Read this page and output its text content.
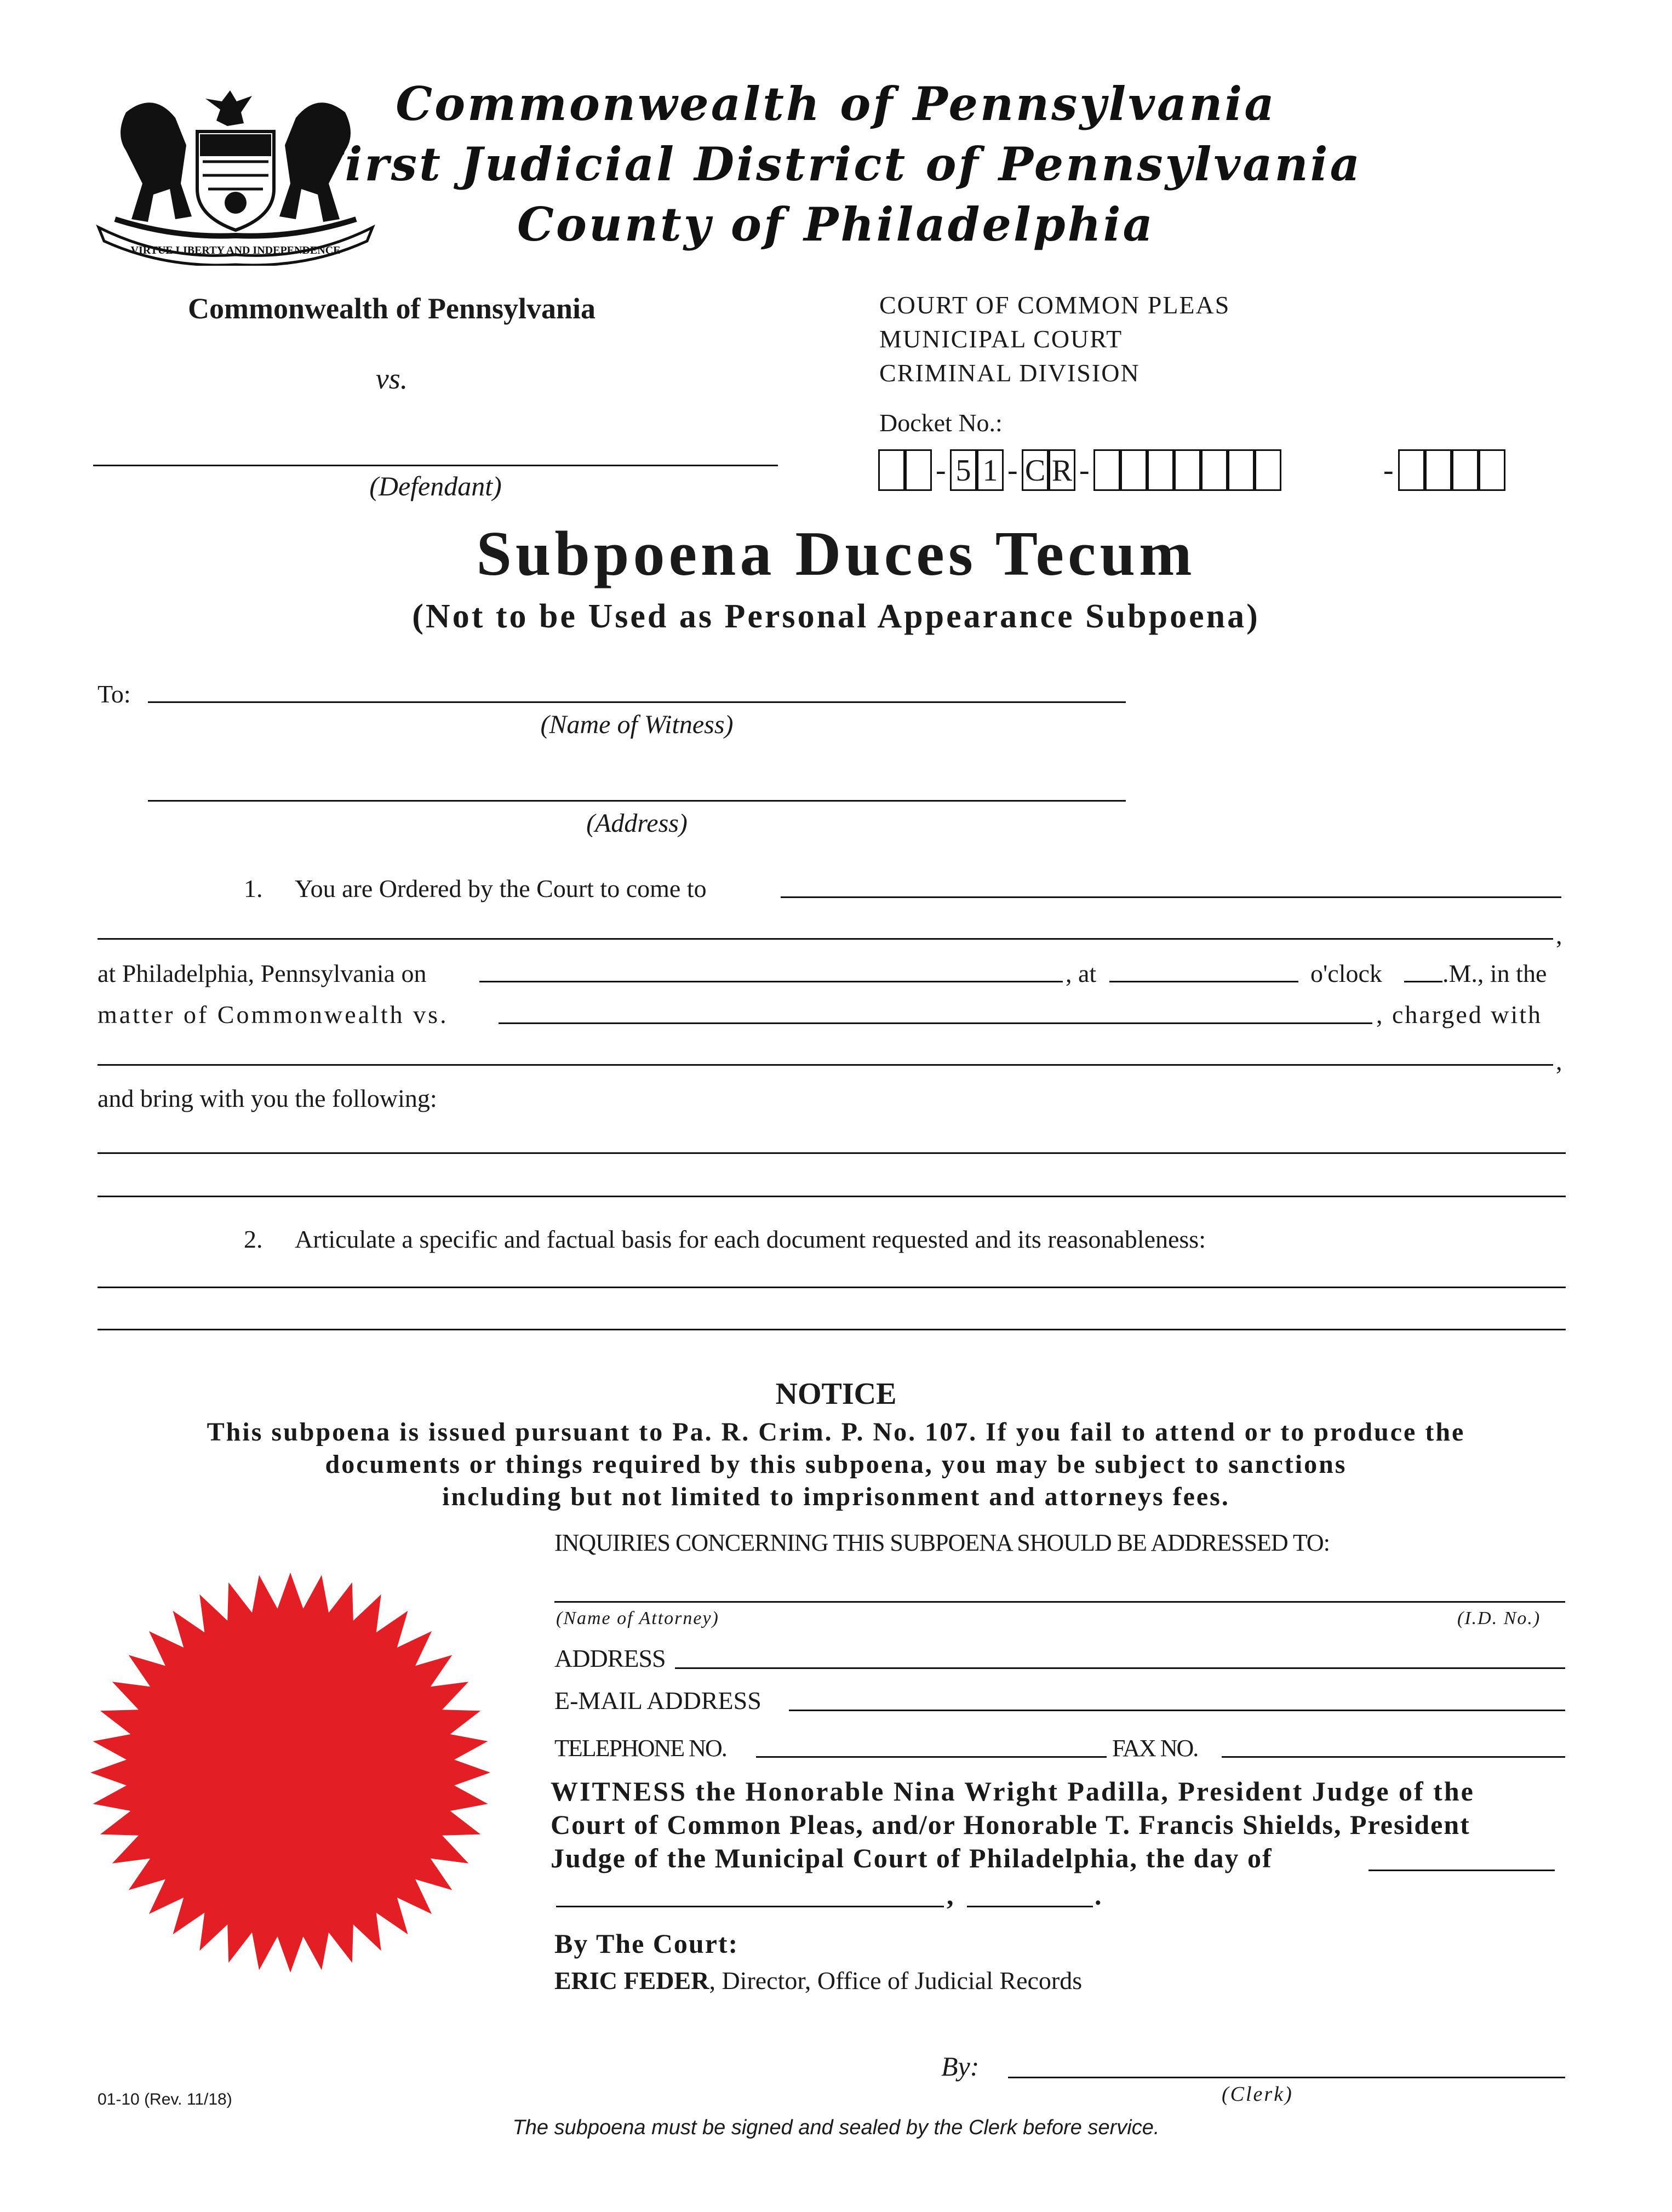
VIRTUE LIBERTY AND INDEPENDENCE
Commonwealth of Pennsylvania
First Judicial District of Pennsylvania
County of Philadelphia
Commonwealth of Pennsylvania
vs.
(Defendant)
COURT OF COMMON PLEAS
MUNICIPAL COURT
CRIMINAL DIVISION
Docket No.:
- 5 1 - C R -	-
Subpoena Duces Tecum
(Not to be Used as Personal Appearance Subpoena)
To:
(Name of Witness)
(Address)
1. You are Ordered by the Court to come to
,
at Philadelphia, Pennsylvania on	, at	o'clock .M., in the
matter of Commonwealth vs.	, charged with
,
and bring with you the following:
2. Articulate a specific and factual basis for each document requested and its reasonableness:
NOTICE
This subpoena is issued pursuant to Pa. R. Crim. P. No. 107. If you fail to attend or to produce the
documents or things required by this subpoena, you may be subject to sanctions
including but not limited to imprisonment and attorneys fees.
INQUIRIES CONCERNING THIS SUBPOENA SHOULD BE ADDRESSED TO:
(Name of Attorney)	(I.D. No.)
ADDRESS
E-MAIL ADDRESS
TELEPHONE NO.	FAX NO.
WITNESS the Honorable Nina Wright Padilla, President Judge of the
Court of Common Pleas, and/or Honorable T. Francis Shields, President
Judge of the Municipal Court of Philadelphia, the day of
,	.
By The Court:
ERIC FEDER, Director, Office of Judicial Records
By:
(Clerk)
01-10 (Rev. 11/18)
The subpoena must be signed and sealed by the Clerk before service.
